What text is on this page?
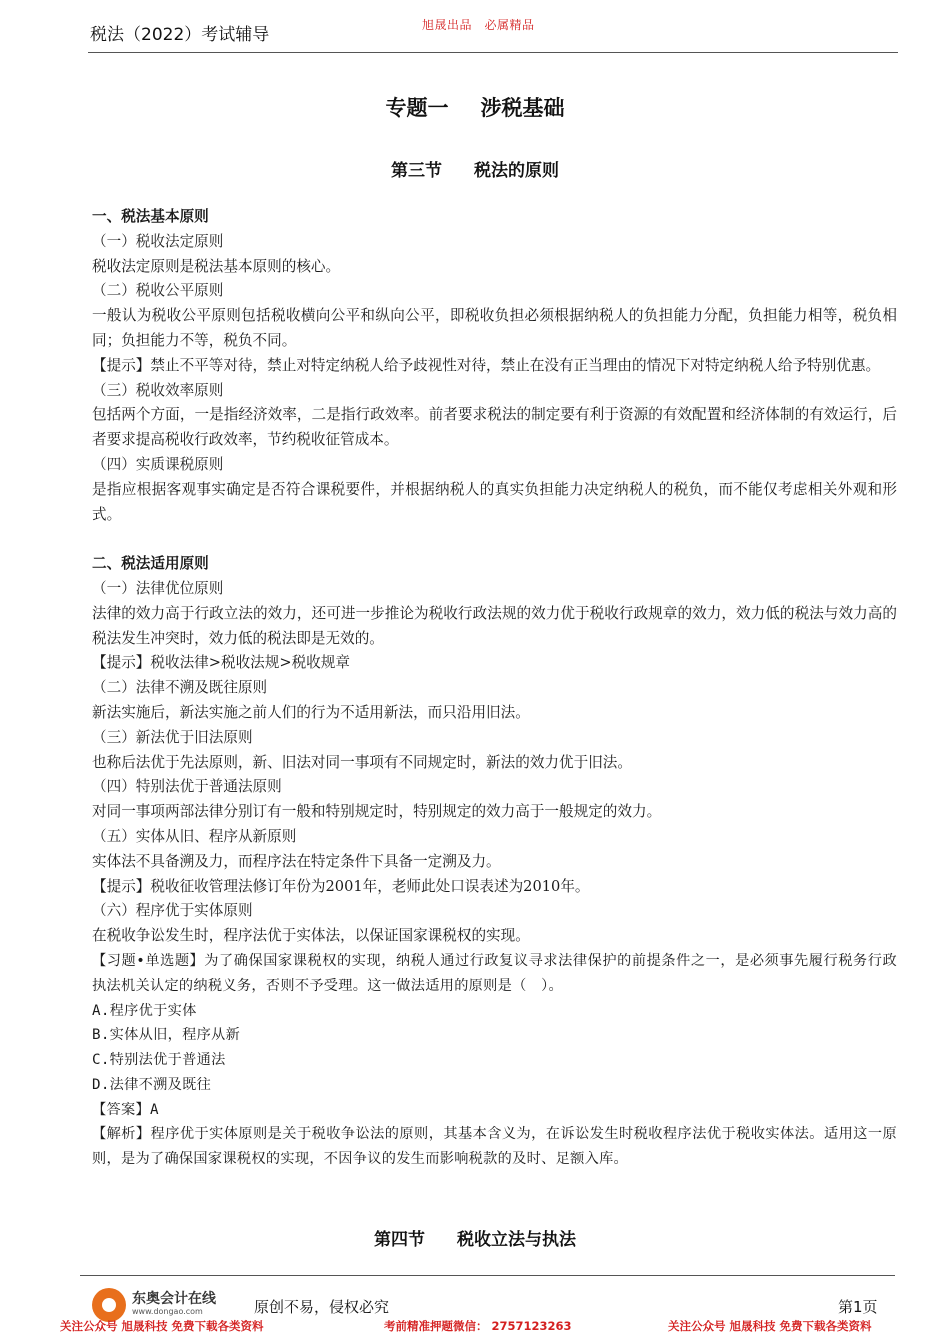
税法（2022）考试辅导	旭晟出品　必属精品
专题一 涉税基础
第三节 税法的原则

一、税法基本原则

（一）税收法定原则

税收法定原则是税法基本原则的核心。

（二）税收公平原则

一般认为税收公平原则包括税收横向公平和纵向公平，即税收负担必须根据纳税人的负担能力分配，负担能力相等，税负相同；负担能力不等，税负不同。

【提示】禁止不平等对待，禁止对特定纳税人给予歧视性对待，禁止在没有正当理由的情况下对特定纳税人给予特别优惠。

（三）税收效率原则

包括两个方面，一是指经济效率，二是指行政效率。前者要求税法的制定要有利于资源的有效配置和经济体制的有效运行，后者要求提高税收行政效率，节约税收征管成本。

（四）实质课税原则

是指应根据客观事实确定是否符合课税要件，并根据纳税人的真实负担能力决定纳税人的税负，而不能仅考虑相关外观和形式。

二、税法适用原则

（一）法律优位原则

法律的效力高于行政立法的效力，还可进一步推论为税收行政法规的效力优于税收行政规章的效力，效力低的税法与效力高的税法发生冲突时，效力低的税法即是无效的。

【提示】税收法律>税收法规>税收规章

（二）法律不溯及既往原则

新法实施后，新法实施之前人们的行为不适用新法，而只沿用旧法。

（三）新法优于旧法原则

也称后法优于先法原则，新、旧法对同一事项有不同规定时，新法的效力优于旧法。

（四）特别法优于普通法原则

对同一事项两部法律分别订有一般和特别规定时，特别规定的效力高于一般规定的效力。

（五）实体从旧、程序从新原则

实体法不具备溯及力，而程序法在特定条件下具备一定溯及力。

【提示】税收征收管理法修订年份为2001年，老师此处口误表述为2010年。

（六）程序优于实体原则

在税收争讼发生时，程序法优于实体法，以保证国家课税权的实现。

【习题•单选题】为了确保国家课税权的实现，纳税人通过行政复议寻求法律保护的前提条件之一，是必须事先履行税务行政执法机关认定的纳税义务，否则不予受理。这一做法适用的原则是（　）。

A.程序优于实体

B.实体从旧，程序从新

C.特别法优于普通法

D.法律不溯及既往

【答案】A

【解析】程序优于实体原则是关于税收争讼法的原则，其基本含义为，在诉讼发生时税收程序法优于税收实体法。适用这一原则，是为了确保国家课税权的实现，不因争议的发生而影响税款的及时、足额入库。

第四节 税收立法与执法
东奥会计在线
www.dongao.com	原创不易，侵权必究	第1页
关注公众号 旭晟科技 免费下载各类资料	考前精准押题微信： 2757123263	关注公众号 旭晟科技 免费下载各类资料
